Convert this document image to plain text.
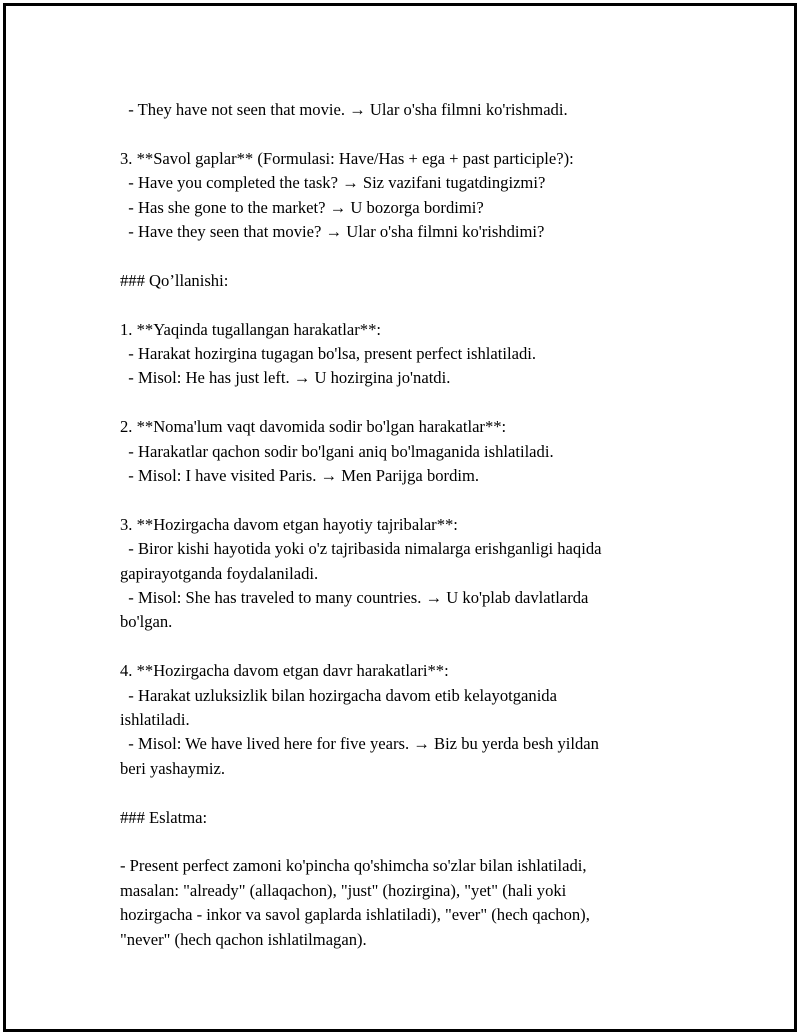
- They have not seen that movie. → Ular o'sha filmni ko'rishmadi.
3. **Savol gaplar** (Formulasi: Have/Has + ega + past participle?):
- Have you completed the task? → Siz vazifani tugatdingizmi?
- Has she gone to the market? → U bozorga bordimi?
- Have they seen that movie? → Ular o'sha filmni ko'rishdimi?
### Qo’llanishi:
1. **Yaqinda tugallangan harakatlar**:
- Harakat hozirgina tugagan bo'lsa, present perfect ishlatiladi.
- Misol: He has just left. → U hozirgina jo'natdi.
2. **Noma'lum vaqt davomida sodir bo'lgan harakatlar**:
- Harakatlar qachon sodir bo'lgani aniq bo'lmaganida ishlatiladi.
- Misol: I have visited Paris. → Men Parijga bordim.
3. **Hozirgacha davom etgan hayotiy tajribalar**:
- Biror kishi hayotida yoki o'z tajribasida nimalarga erishganligi haqida
gapirayotganda foydalaniladi.
- Misol: She has traveled to many countries. → U ko'plab davlatlarda
bo'lgan.
4. **Hozirgacha davom etgan davr harakatlari**:
- Harakat uzluksizlik bilan hozirgacha davom etib kelayotganida
ishlatiladi.
- Misol: We have lived here for five years. → Biz bu yerda besh yildan
beri yashaymiz.
### Eslatma:
- Present perfect zamoni ko'pincha qo'shimcha so'zlar bilan ishlatiladi,
masalan: "already" (allaqachon), "just" (hozirgina), "yet" (hali yoki
hozirgacha - inkor va savol gaplarda ishlatiladi), "ever" (hech qachon),
"never" (hech qachon ishlatilmagan).
